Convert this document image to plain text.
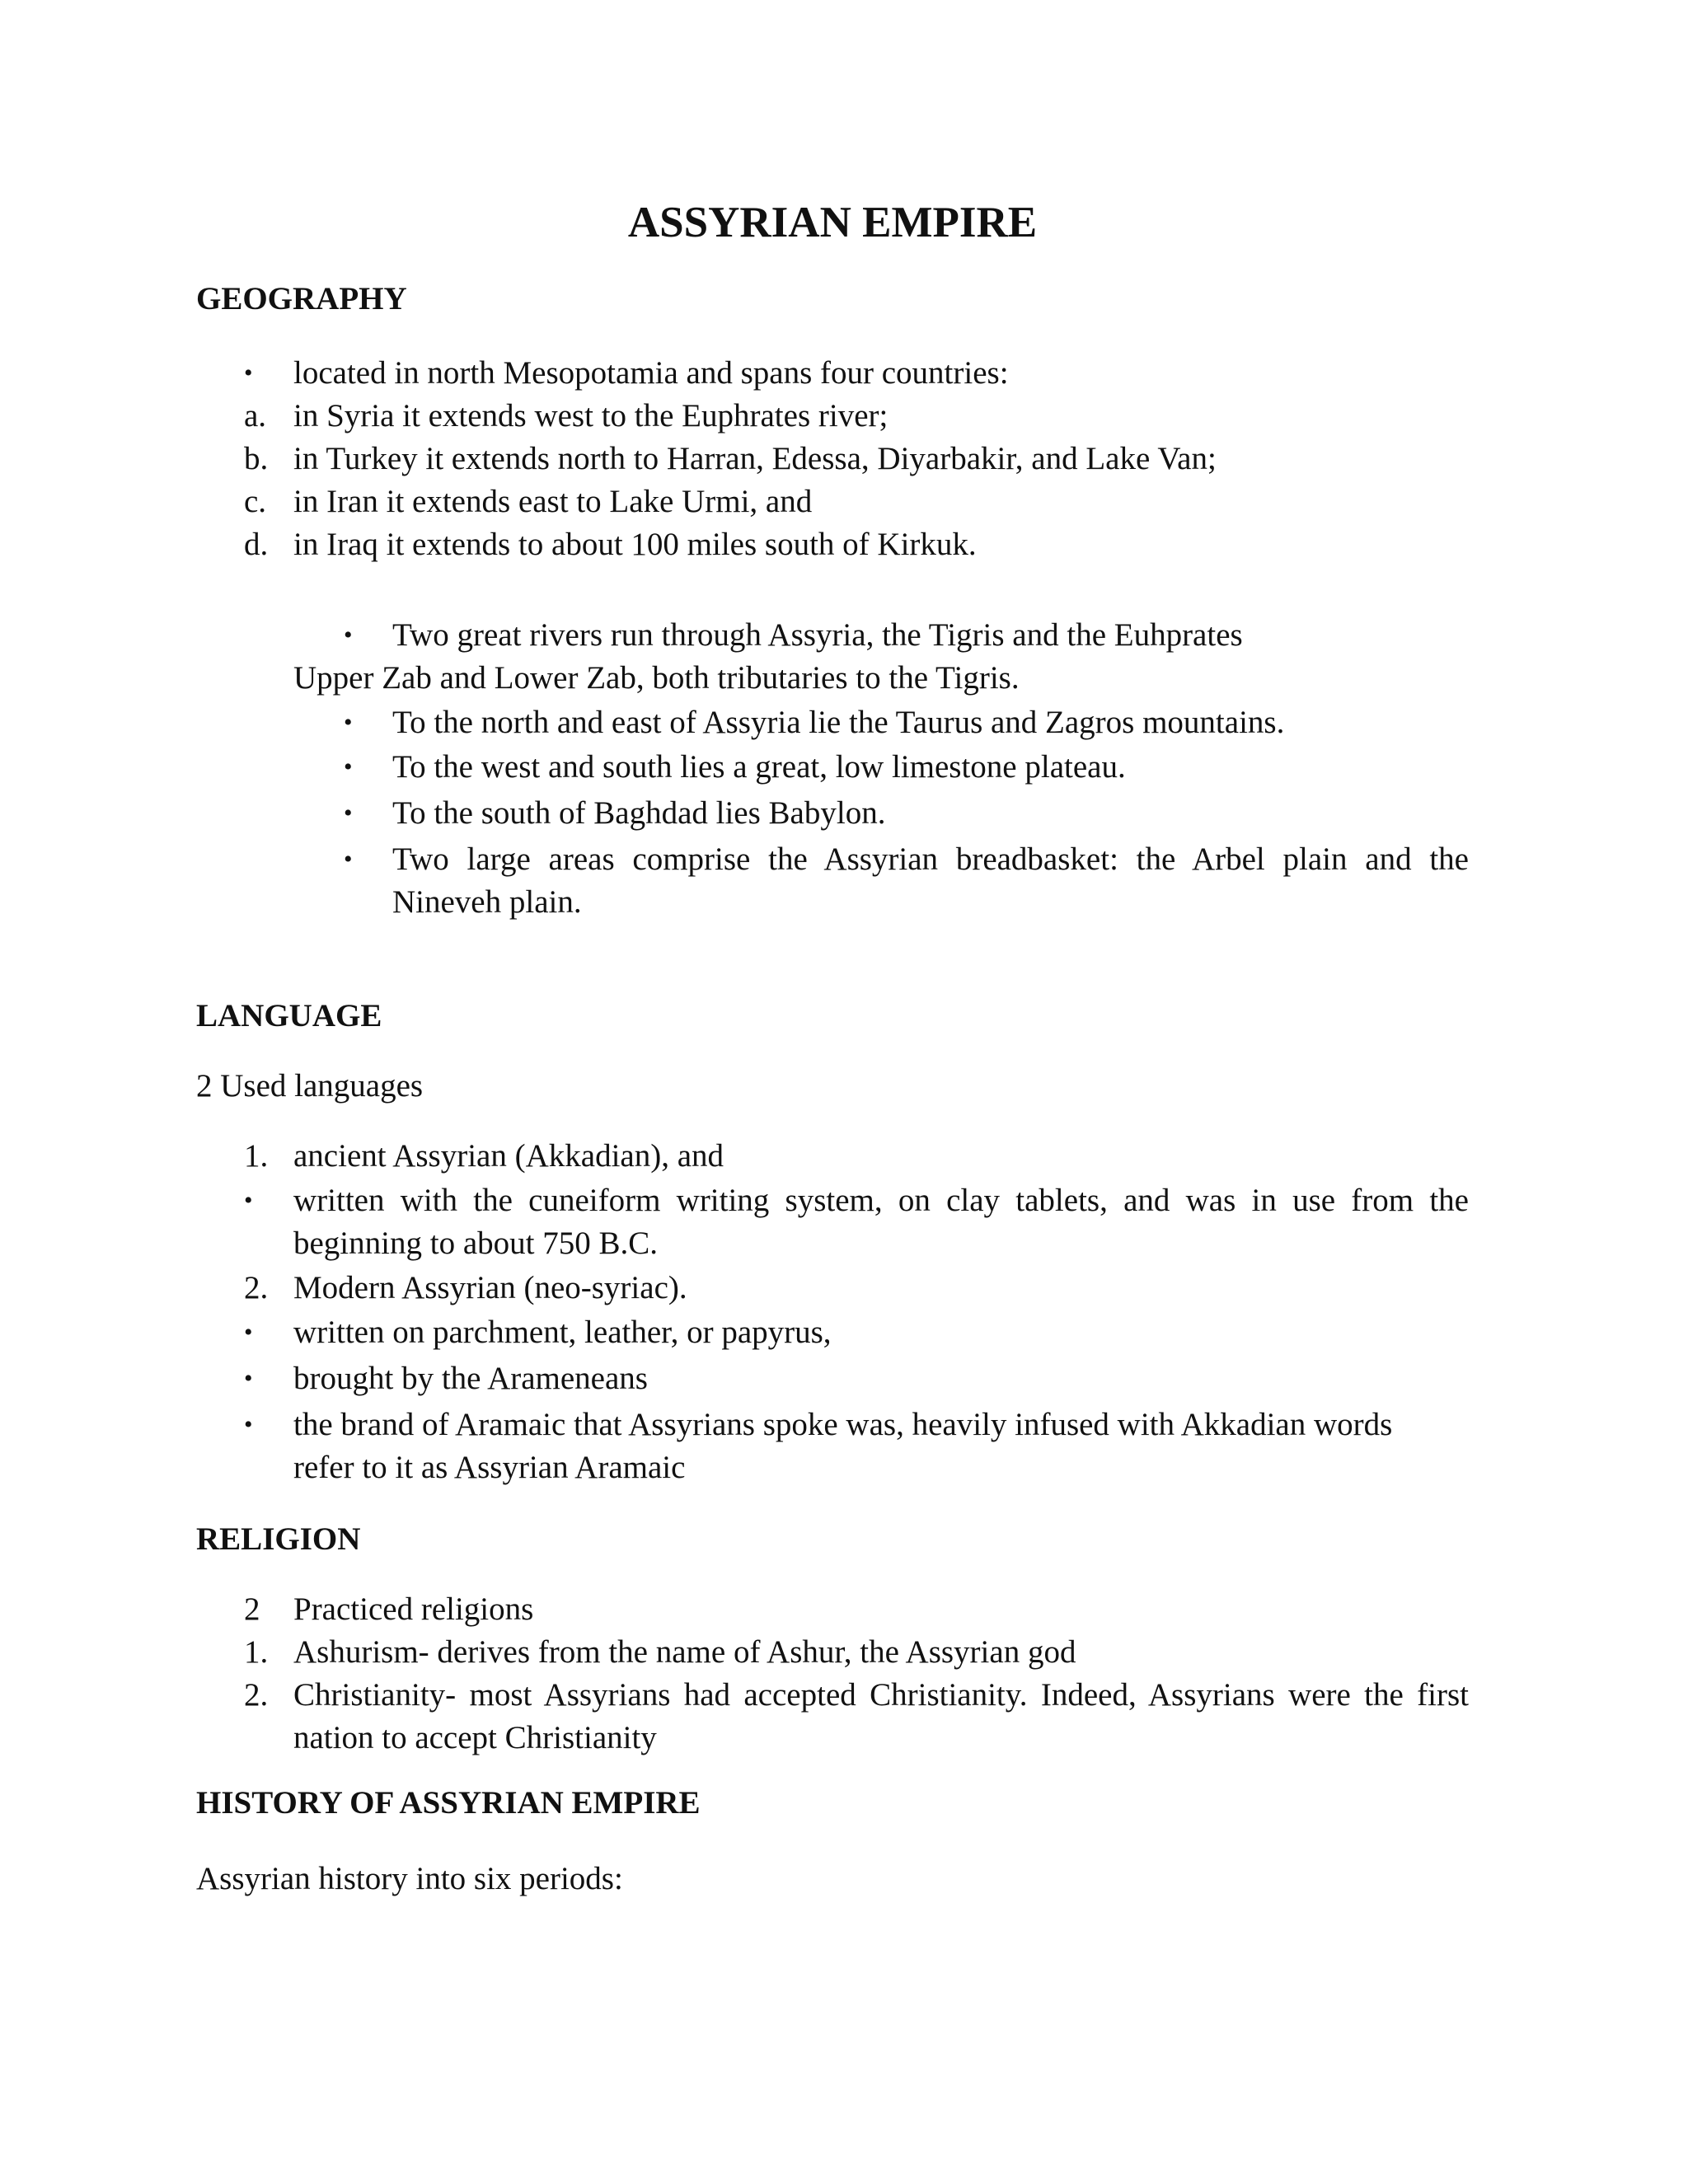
ASSYRIAN EMPIRE
GEOGRAPHY
• located in north Mesopotamia and spans four countries:
a. in Syria it extends west to the Euphrates river;
b. in Turkey it extends north to Harran, Edessa, Diyarbakir, and Lake Van;
c. in Iran it extends east to Lake Urmi, and
d. in Iraq it extends to about 100 miles south of Kirkuk.
• Two great rivers run through Assyria, the Tigris and the Euhprates
Upper Zab and Lower Zab, both tributaries to the Tigris.
• To the north and east of Assyria lie the Taurus and Zagros mountains.
• To the west and south lies a great, low limestone plateau.
• To the south of Baghdad lies Babylon.
• Two large areas comprise the Assyrian breadbasket: the Arbel plain and the Nineveh plain.
LANGUAGE
2 Used languages
1. ancient Assyrian (Akkadian), and
• written with the cuneiform writing system, on clay tablets, and was in use from the beginning to about 750 B.C.
2. Modern Assyrian (neo-syriac).
• written on parchment, leather, or papyrus,
• brought by the Arameneans
• the brand of Aramaic that Assyrians spoke was, heavily infused with Akkadian words
refer to it as Assyrian Aramaic
RELIGION
2 Practiced religions
1. Ashurism- derives from the name of Ashur, the Assyrian god
2. Christianity- most Assyrians had accepted Christianity. Indeed, Assyrians were the first nation to accept Christianity
HISTORY OF ASSYRIAN EMPIRE
Assyrian history into six periods:
